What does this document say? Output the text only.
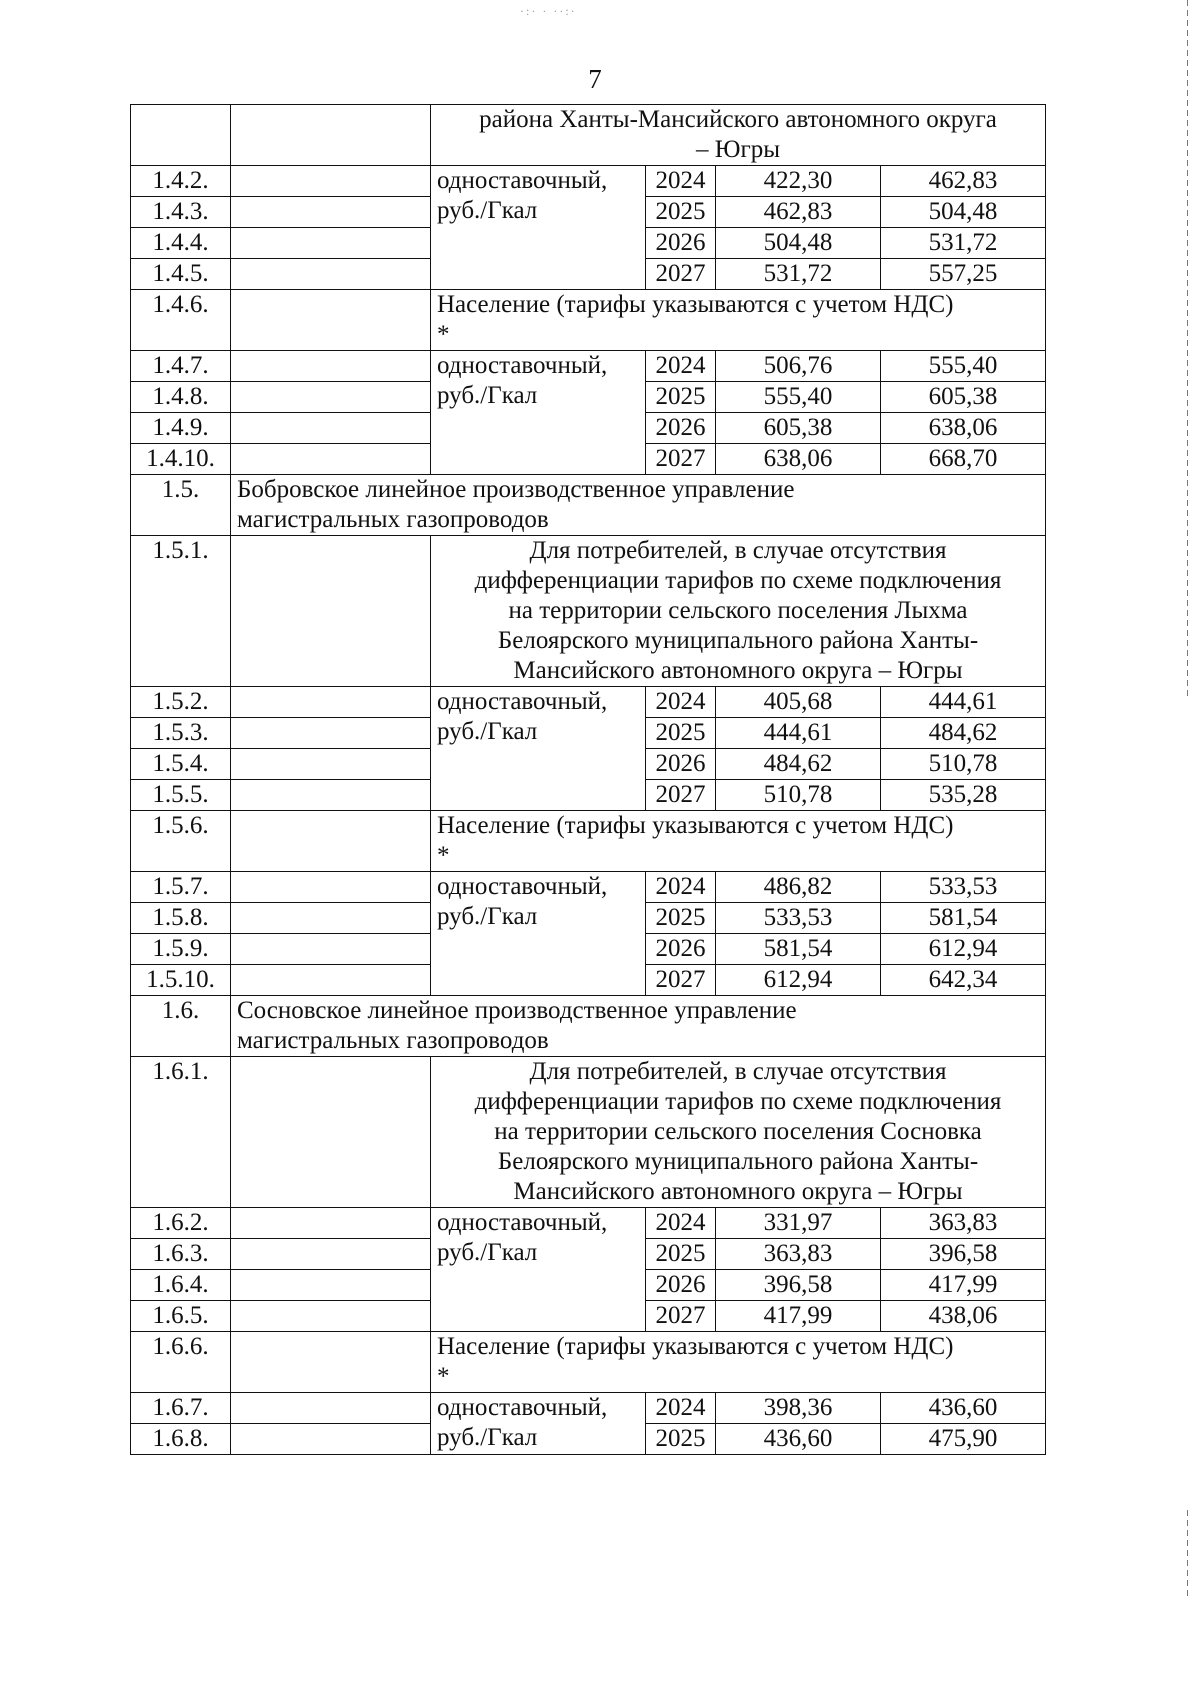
·:· · ··:·
7

		района Ханты-Мансийского автономного округа
– Югры			

1.4.2.		одноставочный,
руб./Гкал	2024	422,30	462,83
1.4.3.			2025	462,83	504,48
1.4.4.			2026	504,48	531,72
1.4.5.			2027	531,72	557,25
1.4.6.		Население (тарифы указываются с учетом НДС)
*			

1.4.7.		одноставочный,
руб./Гкал	2024	506,76	555,40
1.4.8.			2025	555,40	605,38
1.4.9.			2026	605,38	638,06
1.4.10.			2027	638,06	668,70
1.5.	Бобровское линейное производственное управление
магистральных газопроводов				

1.5.1.		Для потребителей, в случае отсутствия
дифференциации тарифов по схеме подключения
на территории сельского поселения Лыхма
Белоярского муниципального района Ханты-
Мансийского автономного округа – Югры			

1.5.2.		одноставочный,
руб./Гкал	2024	405,68	444,61
1.5.3.			2025	444,61	484,62
1.5.4.			2026	484,62	510,78
1.5.5.			2027	510,78	535,28
1.5.6.		Население (тарифы указываются с учетом НДС)
*			

1.5.7.		одноставочный,
руб./Гкал	2024	486,82	533,53
1.5.8.			2025	533,53	581,54
1.5.9.			2026	581,54	612,94
1.5.10.			2027	612,94	642,34
1.6.	Сосновское линейное производственное управление
магистральных газопроводов				

1.6.1.		Для потребителей, в случае отсутствия
дифференциации тарифов по схеме подключения
на территории сельского поселения Сосновка
Белоярского муниципального района Ханты-
Мансийского автономного округа – Югры			

1.6.2.		одноставочный,
руб./Гкал	2024	331,97	363,83
1.6.3.			2025	363,83	396,58
1.6.4.			2026	396,58	417,99
1.6.5.			2027	417,99	438,06
1.6.6.		Население (тарифы указываются с учетом НДС)
*			

1.6.7.		одноставочный,
руб./Гкал	2024	398,36	436,60
1.6.8.			2025	436,60	475,90
